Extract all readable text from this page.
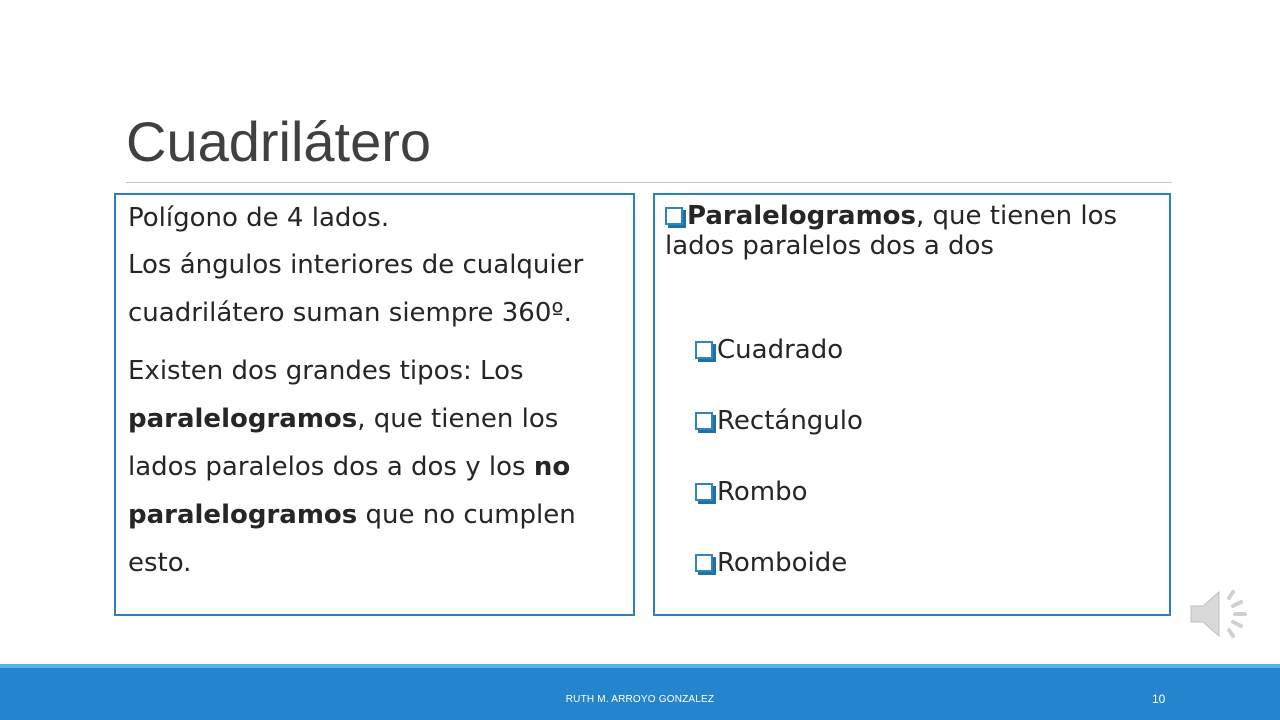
Cuadrilátero

Polígono de 4 lados.

Los ángulos interiores de cualquier cuadrilátero suman siempre 360º.

Existen dos grandes tipos: Los paralelogramos, que tienen los lados paralelos dos a dos y los no paralelogramos que no cumplen esto.

Paralelogramos, que tienen los
lados paralelos dos a dos

Cuadrado
Rectángulo
Rombo
Romboide
RUTH M. ARROYO GONZALEZ	10
